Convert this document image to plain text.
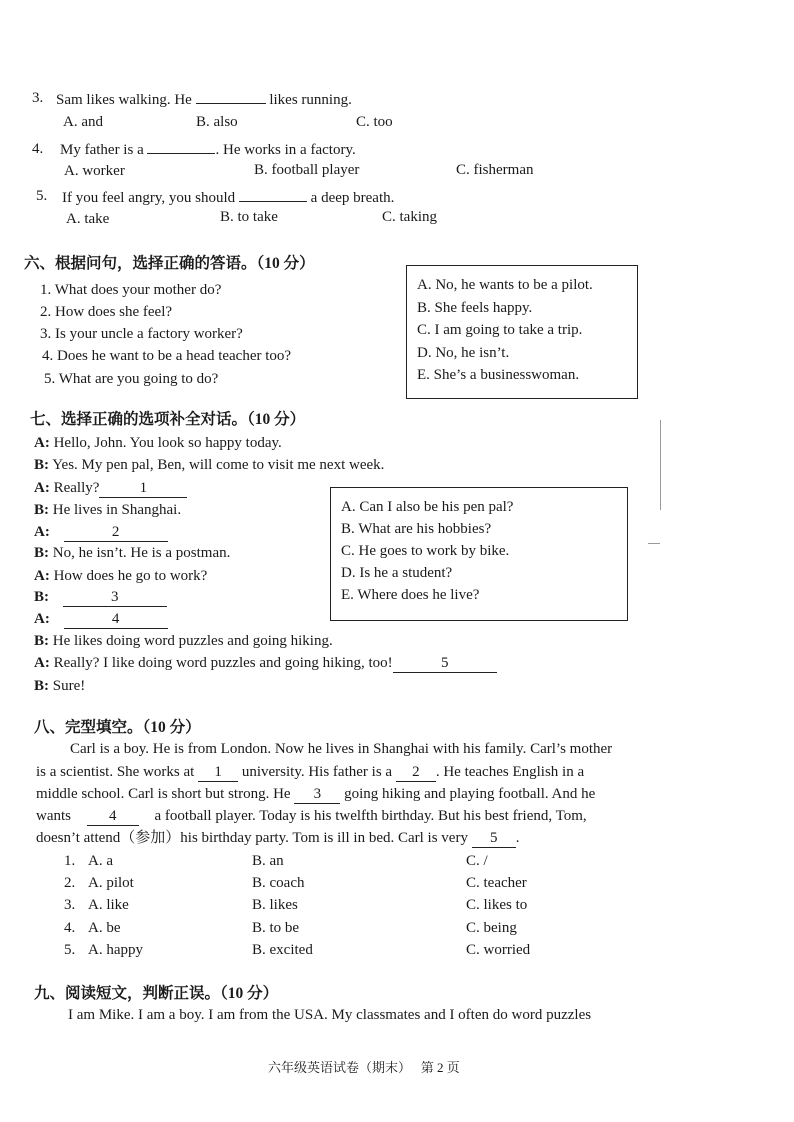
3. Sam likes walking. He	likes running.
A. and	B. also	C. too
4. My father is a	. He works in a factory.
A. worker	B. football player	C. fisherman
5. If you feel angry, you should	a deep breath.
A. take	B. to take	C. taking
六、根据问句，选择正确的答语。（10 分）
1. What does your mother do?
2. How does she feel?
3. Is your uncle a factory worker?
4. Does he want to be a head teacher too?
5. What are you going to do?
A. No, he wants to be a pilot.
B. She feels happy.
C. I am going to take a trip.
D. No, he isn’t.
E. She’s a businesswoman.
七、选择正确的选项补全对话。（10 分）
A: Hello, John. You look so happy today.
B: Yes. My pen pal, Ben, will come to visit me next week.
A: Really?	1
B: He lives in Shanghai.
A:	2
B: No, he isn’t. He is a postman.
A: How does he go to work?
B:	3
A:	4
B: He likes doing word puzzles and going hiking.
A: Really? I like doing word puzzles and going hiking, too!	5
B: Sure!
A. Can I also be his pen pal?
B. What are his hobbies?
C. He goes to work by bike.
D. Is he a student?
E. Where does he live?
八、完型填空。（10 分）
Carl is a boy. He is from London. Now he lives in Shanghai with his family. Carl’s mother
is a scientist. She works at 1 university. His father is a 2 . He teaches English in a
middle school. Carl is short but strong. He 3 going hiking and playing football. And he
wants	4	a football player. Today is his twelfth birthday. But his best friend, Tom,
doesn’t attend（参加）his birthday party. Tom is ill in bed. Carl is very 5 .
1. A. a	B. an	C. /
2. A. pilot	B. coach	C. teacher
3. A. like	B. likes	C. likes to
4. A. be	B. to be	C. being
5. A. happy	B. excited	C. worried
九、阅读短文，判断正误。（10 分）
I am Mike. I am a boy. I am from the USA. My classmates and I often do word puzzles
六年级英语试卷（期末） 第 2 页
